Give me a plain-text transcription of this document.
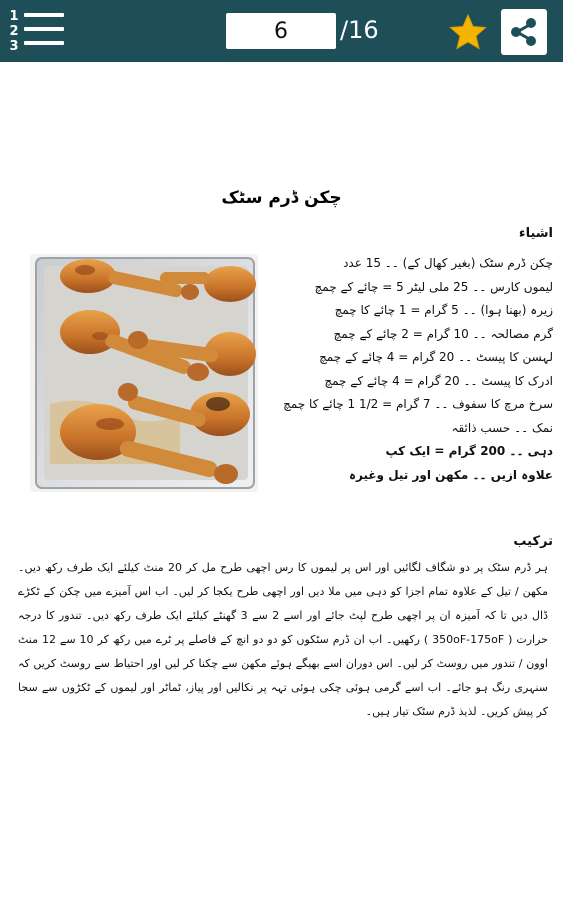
1
2
3
6
/16
چکن ڈرم سٹک
اشیاء
چکن ڈرم سٹک (بغیر کھال کے) ۔۔ 15 عدد
لیموں کارس ۔۔ 25 ملی لیٹر 5 = چائے کے چمچ
زیرہ (بھنا ہوا) ۔۔ 5 گرام = 1 چائے کا چمچ
گرم مصالحہ ۔۔ 10 گرام = 2 چائے کے چمچ
لہسن کا پیسٹ ۔۔ 20 گرام = 4 چائے کے چمچ
ادرک کا پیسٹ ۔۔ 20 گرام = 4 چائے کے چمچ
سرخ مرچ کا سفوف ۔۔ 7 گرام = 1/2 1 چائے کا چمچ
نمک ۔۔ حسب ذائقہ
دہی ۔۔ 200 گرام = ایک کپ
علاوہ ازیں ۔۔ مکھن اور تیل وغیرہ
ترکیب

ہر ڈرم سٹک پر دو شگاف لگائیں اور اس پر لیموں کا رس اچھی طرح مل کر 20 منٹ کیلئے ایک طرف رکھ دیں۔ مکھن / تیل کے علاوہ تمام اجزا کو دہی میں ملا دیں اور اچھی طرح یکجا کر لیں۔ اب اس آمیزے میں چکن کے ٹکڑے ڈال دیں تا کہ آمیزہ ان پر اچھی طرح لپٹ جائے اور اسے 2 سے 3 گھنٹے کیلئے ایک طرف رکھ دیں۔ تندور کا درجہ حرارت ( 350oF-175oF ) رکھیں۔ اب ان ڈرم سٹکوں کو دو دو انچ کے فاصلے پر ٹرے میں رکھ کر 10 سے 12 منٹ اوون / تندور میں روسٹ کر لیں۔ اس دوران اسے بھیگے ہوئے مکھن سے چکنا کر لیں اور احتیاط سے روسٹ کریں کہ سنہری رنگ ہو جائے۔ اب اسے گرمی ہوئی چکی ہوئی تہہ پر نکالیں اور پیاز، ٹماٹر اور لیموں کے ٹکڑوں سے سجا کر پیش کریں۔ لذیذ ڈرم سٹک تیار ہیں۔
